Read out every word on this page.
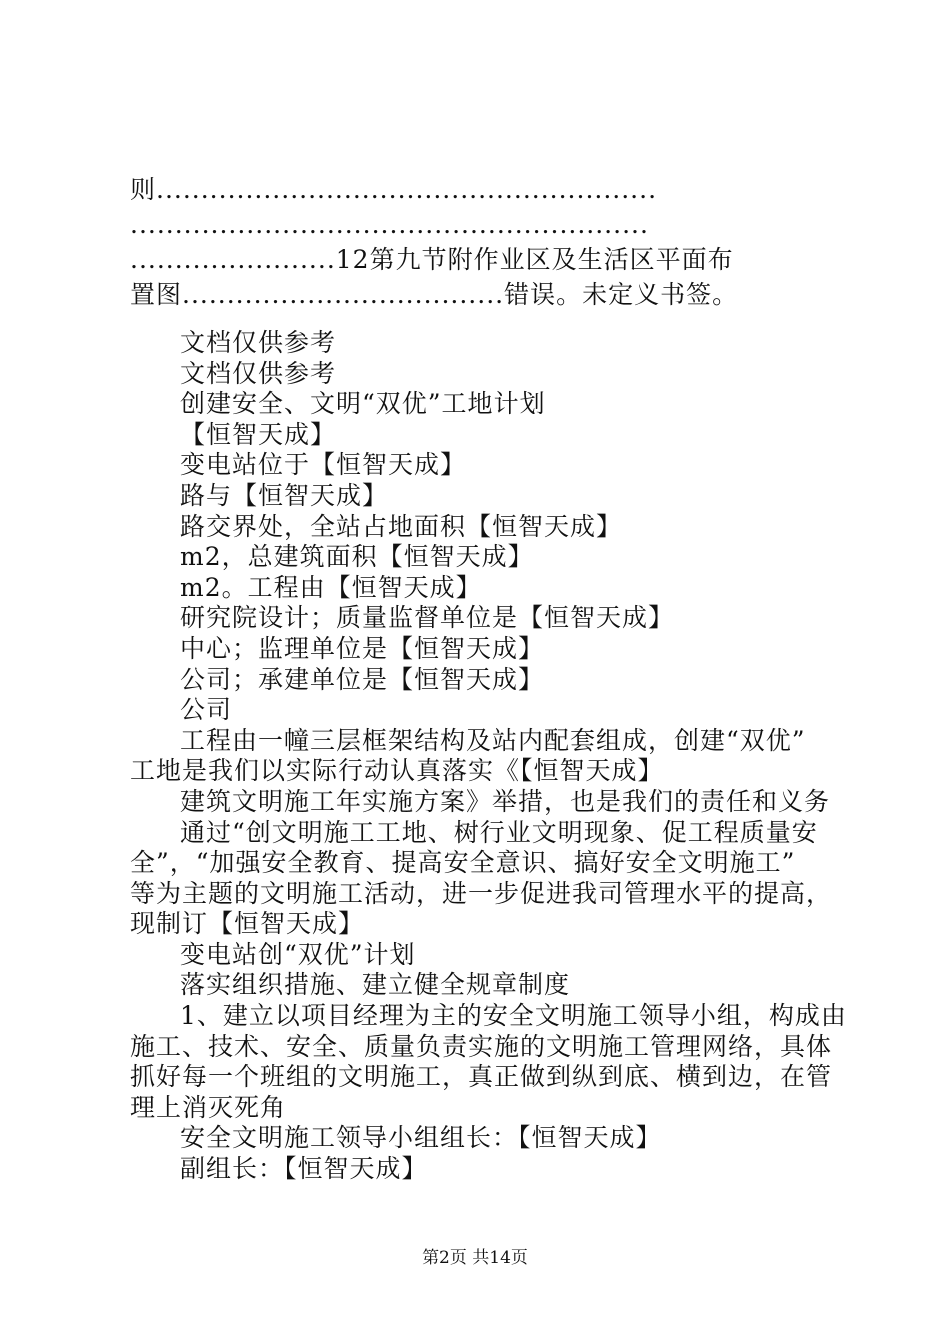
则........................................................
..........................................................
.......................12第九节附作业区及生活区平面布
置图....................................错误。未定义书签。

文档仅供参考

文档仅供参考

创建安全、文明“双优”工地计划

【恒智天成】

变电站位于【恒智天成】

路与【恒智天成】

路交界处，全站占地面积【恒智天成】

m2，总建筑面积【恒智天成】

m2。工程由【恒智天成】

研究院设计；质量监督单位是【恒智天成】

中心；监理单位是【恒智天成】

公司；承建单位是【恒智天成】

公司

工程由一幢三层框架结构及站内配套组成，创建“双优”

工地是我们以实际行动认真落实《【恒智天成】

建筑文明施工年实施方案》举措，也是我们的责任和义务

通过“创文明施工工地、树行业文明现象、促工程质量安

全”，“加强安全教育、提高安全意识、搞好安全文明施工”

等为主题的文明施工活动，进一步促进我司管理水平的提高，

现制订【恒智天成】

变电站创“双优”计划

落实组织措施、建立健全规章制度

1、建立以项目经理为主的安全文明施工领导小组，构成由

施工、技术、安全、质量负责实施的文明施工管理网络，具体

抓好每一个班组的文明施工，真正做到纵到底、横到边，在管

理上消灭死角

安全文明施工领导小组组长：【恒智天成】

副组长：【恒智天成】

第2页 共14页
